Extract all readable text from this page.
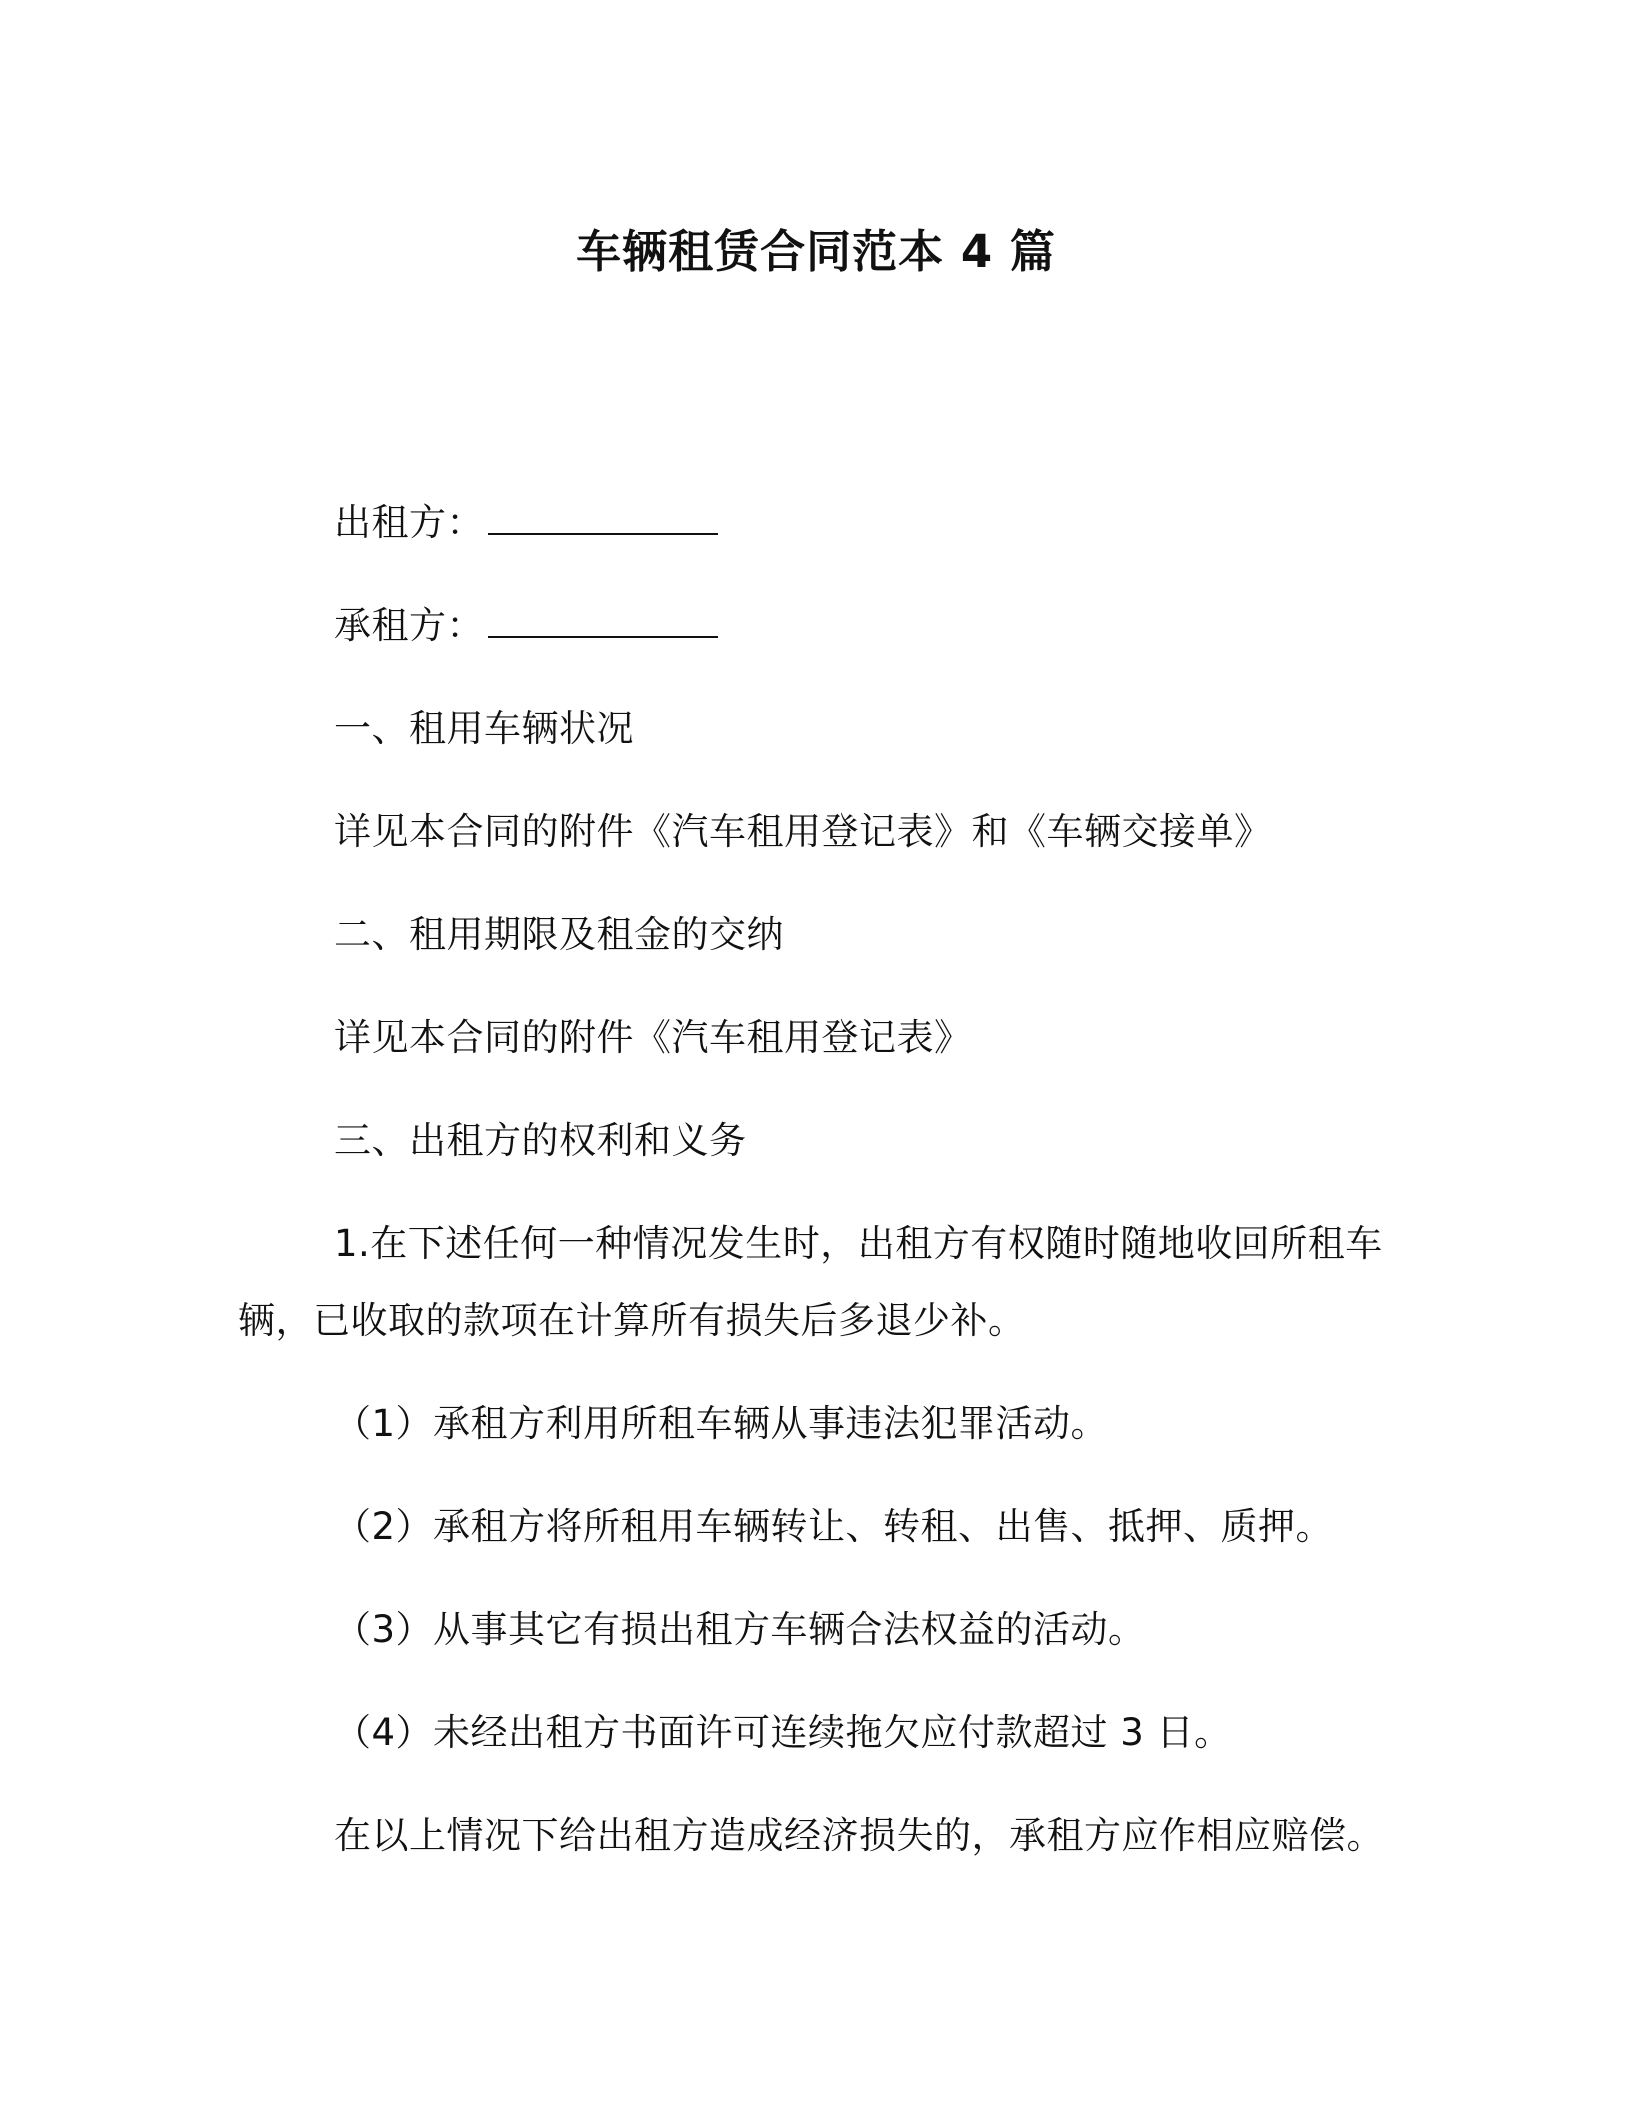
车辆租赁合同范本 4 篇
出租方：
承租方：
一、租用车辆状况
详见本合同的附件《汽车租用登记表》和《车辆交接单》
二、租用期限及租金的交纳
详见本合同的附件《汽车租用登记表》
三、出租方的权利和义务
1.在下述任何一种情况发生时，出租方有权随时随地收回所租车
辆，已收取的款项在计算所有损失后多退少补。
（1）承租方利用所租车辆从事违法犯罪活动。
（2）承租方将所租用车辆转让、转租、出售、抵押、质押。
（3）从事其它有损出租方车辆合法权益的活动。
（4）未经出租方书面许可连续拖欠应付款超过 3 日。
在以上情况下给出租方造成经济损失的，承租方应作相应赔偿。
